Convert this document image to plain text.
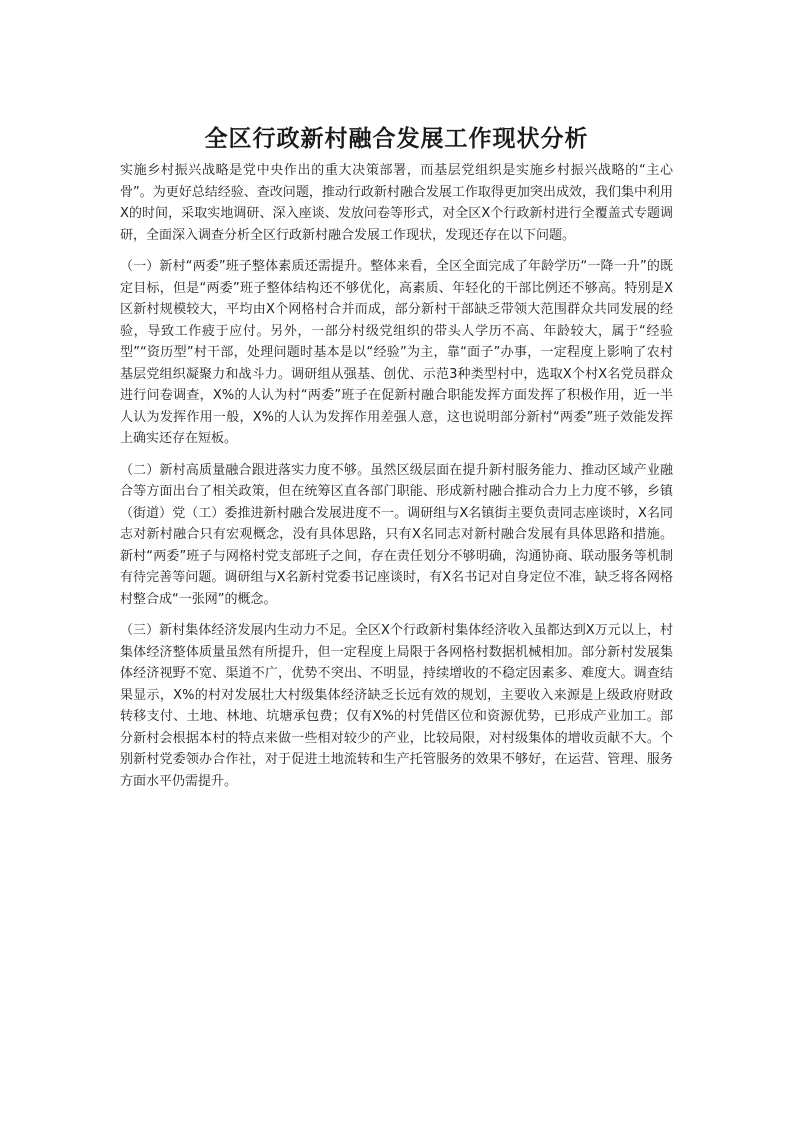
全区行政新村融合发展工作现状分析

实施乡村振兴战略是党中央作出的重大决策部署，而基层党组织是实施乡村振兴战略的“主心骨”。为更好总结经验、查改问题，推动行政新村融合发展工作取得更加突出成效，我们集中利用X的时间，采取实地调研、深入座谈、发放问卷等形式，对全区X个行政新村进行全覆盖式专题调研，全面深入调查分析全区行政新村融合发展工作现状，发现还存在以下问题。

（一）新村“两委”班子整体素质还需提升。整体来看，全区全面完成了年龄学历“一降一升”的既定目标，但是“两委”班子整体结构还不够优化，高素质、年轻化的干部比例还不够高。特别是X区新村规模较大，平均由X个网格村合并而成，部分新村干部缺乏带领大范围群众共同发展的经验，导致工作疲于应付。另外，一部分村级党组织的带头人学历不高、年龄较大，属于“经验型”“资历型”村干部，处理问题时基本是以“经验”为主，靠“面子”办事，一定程度上影响了农村基层党组织凝聚力和战斗力。调研组从强基、创优、示范3种类型村中，选取X个村X名党员群众进行问卷调查，X%的人认为村“两委”班子在促新村融合职能发挥方面发挥了积极作用，近一半人认为发挥作用一般，X%的人认为发挥作用差强人意，这也说明部分新村“两委”班子效能发挥上确实还存在短板。

（二）新村高质量融合跟进落实力度不够。虽然区级层面在提升新村服务能力、推动区域产业融合等方面出台了相关政策，但在统筹区直各部门职能、形成新村融合推动合力上力度不够，乡镇（街道）党（工）委推进新村融合发展进度不一。调研组与X名镇街主要负责同志座谈时，X名同志对新村融合只有宏观概念，没有具体思路，只有X名同志对新村融合发展有具体思路和措施。新村“两委”班子与网格村党支部班子之间，存在责任划分不够明确，沟通协商、联动服务等机制有待完善等问题。调研组与X名新村党委书记座谈时，有X名书记对自身定位不准，缺乏将各网格村整合成“一张网”的概念。

（三）新村集体经济发展内生动力不足。全区X个行政新村集体经济收入虽都达到X万元以上，村集体经济整体质量虽然有所提升，但一定程度上局限于各网格村数据机械相加。部分新村发展集体经济视野不宽、渠道不广，优势不突出、不明显，持续增收的不稳定因素多、难度大。调查结果显示，X%的村对发展壮大村级集体经济缺乏长远有效的规划，主要收入来源是上级政府财政转移支付、土地、林地、坑塘承包费；仅有X%的村凭借区位和资源优势，已形成产业加工。部分新村会根据本村的特点来做一些相对较少的产业，比较局限，对村级集体的增收贡献不大。个别新村党委领办合作社，对于促进土地流转和生产托管服务的效果不够好，在运营、管理、服务方面水平仍需提升。
